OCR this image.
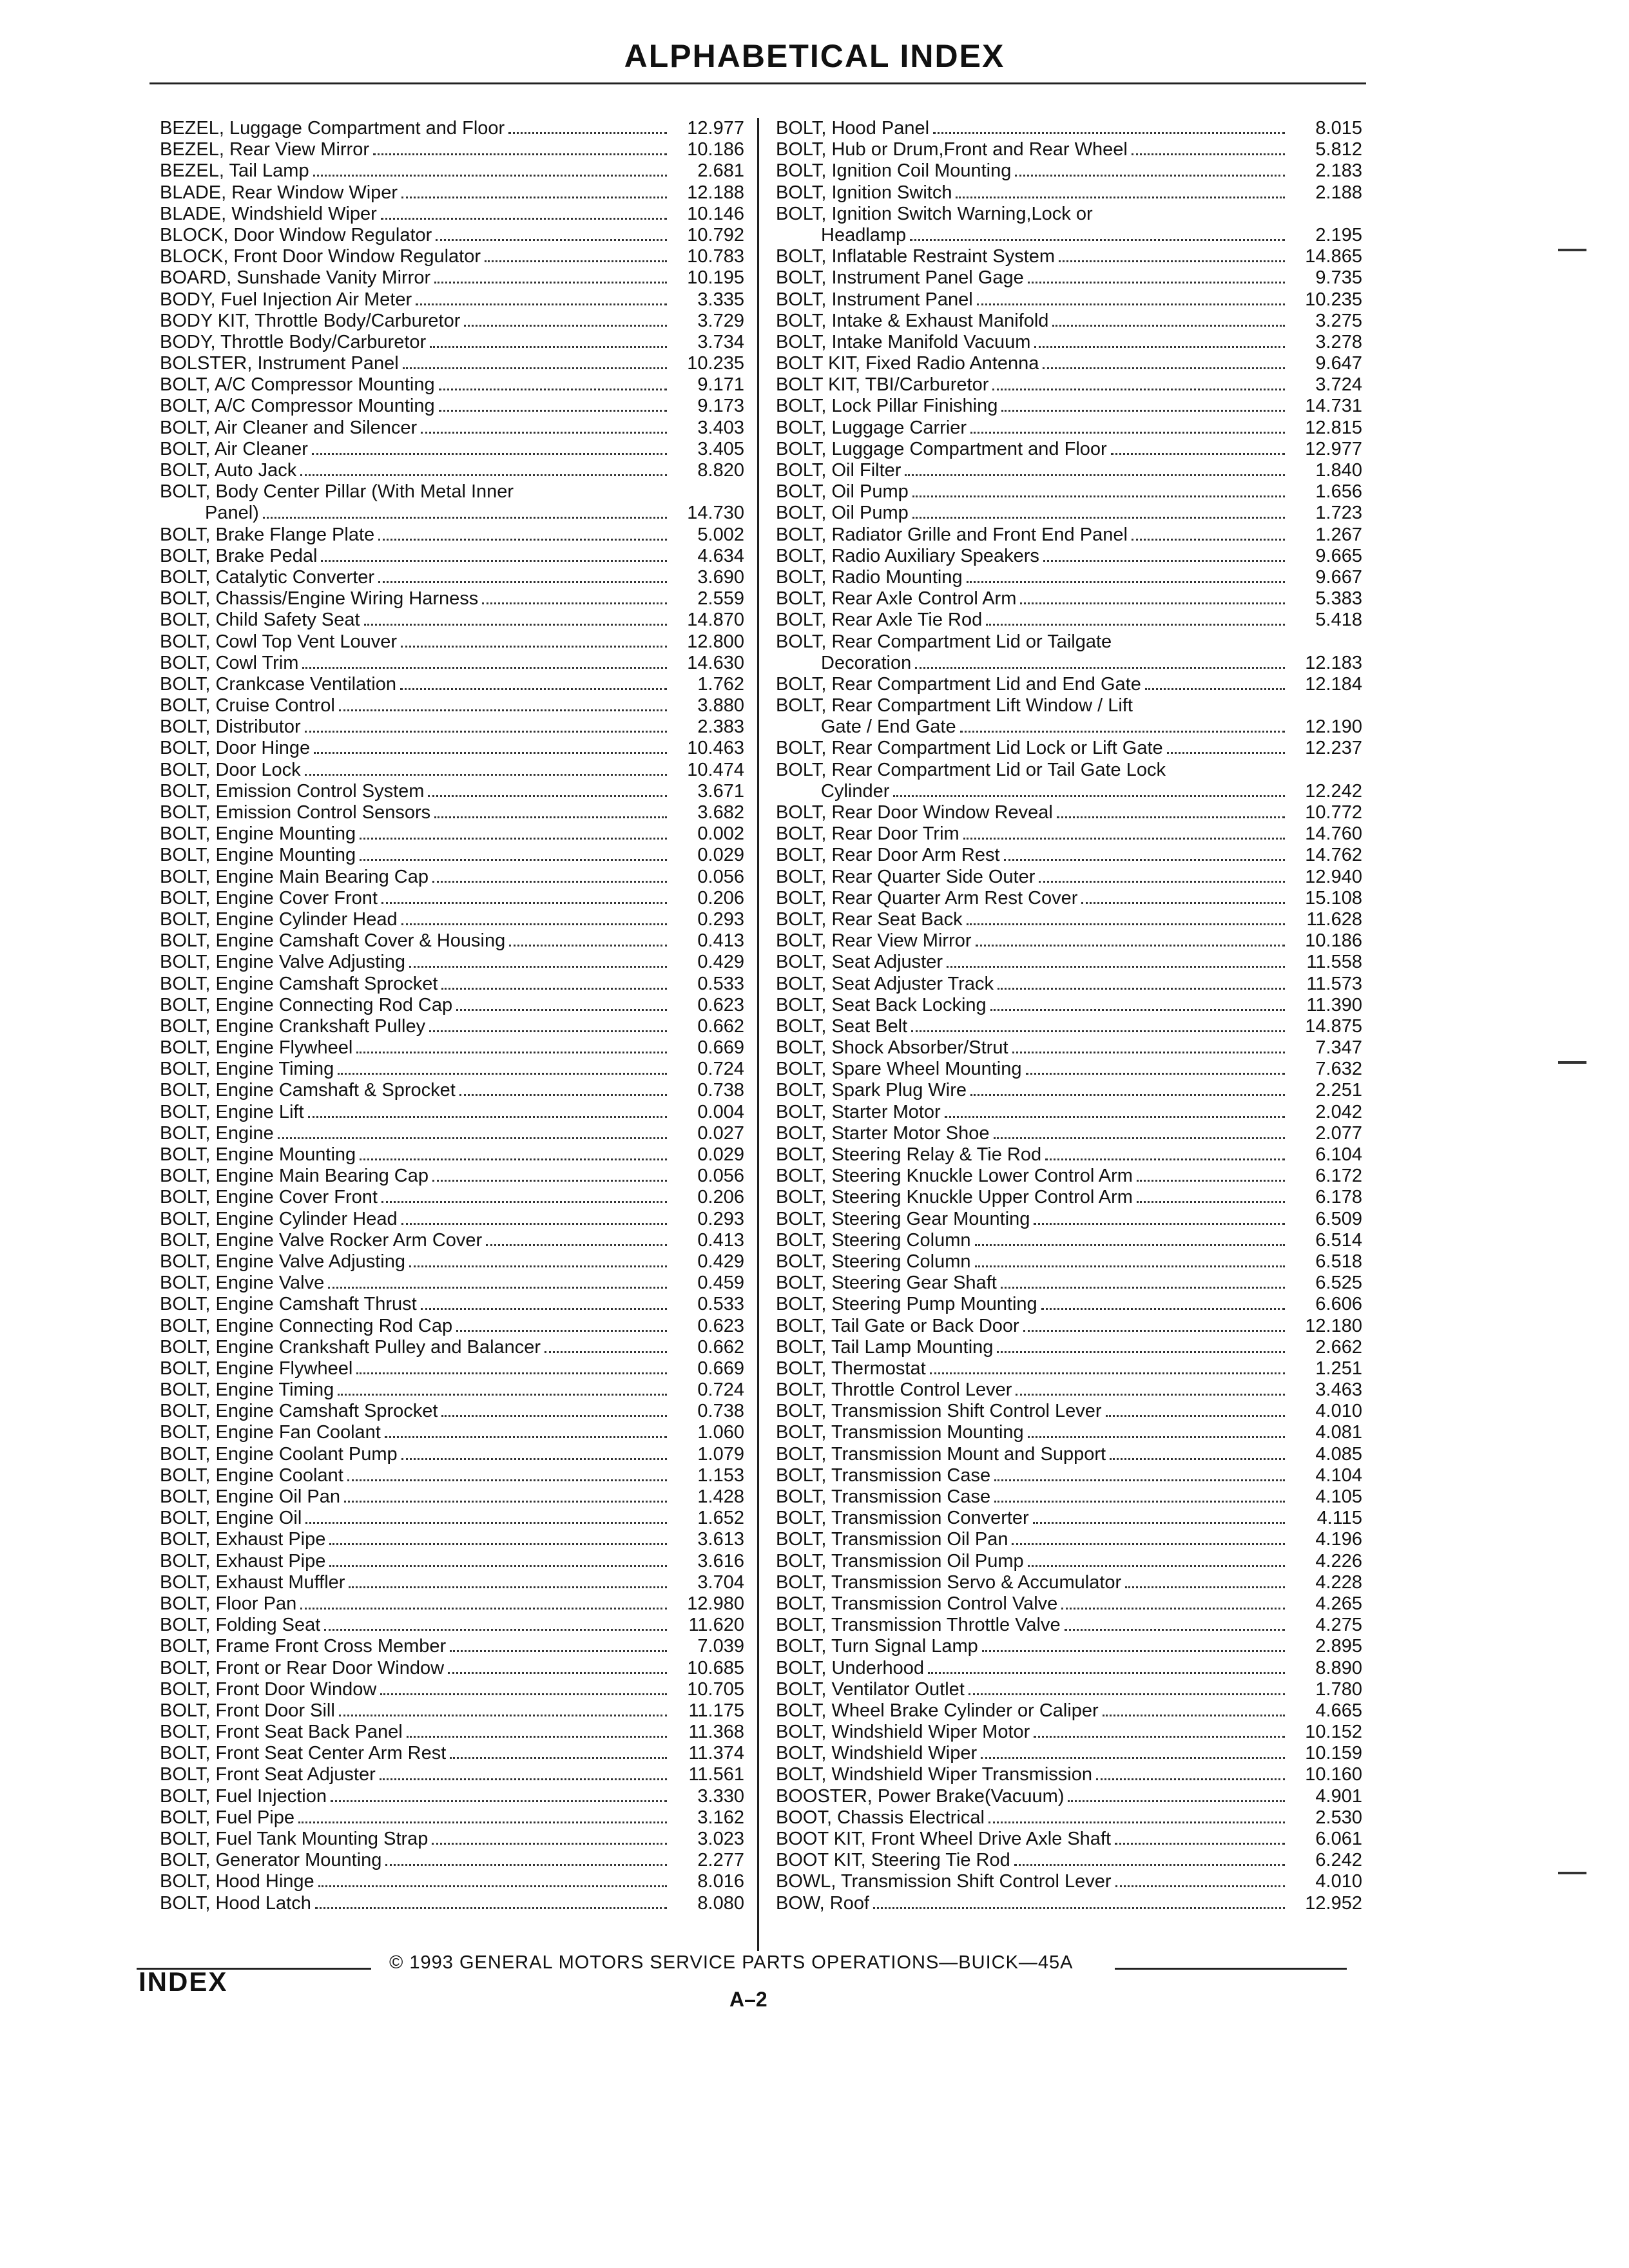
ALPHABETICAL INDEX
BEZEL, Luggage Compartment and Floor	12.977
BEZEL, Rear View Mirror	10.186
BEZEL, Tail Lamp	2.681
BLADE, Rear Window Wiper	12.188
BLADE, Windshield Wiper	10.146
BLOCK, Door Window Regulator	10.792
BLOCK, Front Door Window Regulator	10.783
BOARD, Sunshade Vanity Mirror	10.195
BODY, Fuel Injection Air Meter	3.335
BODY KIT, Throttle Body/Carburetor	3.729
BODY, Throttle Body/Carburetor	3.734
BOLSTER, Instrument Panel	10.235
BOLT, A/C Compressor Mounting	9.171
BOLT, A/C Compressor Mounting	9.173
BOLT, Air Cleaner and Silencer	3.403
BOLT, Air Cleaner	3.405
BOLT, Auto Jack	8.820
BOLT, Body Center Pillar (With Metal Inner
Panel)	14.730
BOLT, Brake Flange Plate	5.002
BOLT, Brake Pedal	4.634
BOLT, Catalytic Converter	3.690
BOLT, Chassis/Engine Wiring Harness	2.559
BOLT, Child Safety Seat	14.870
BOLT, Cowl Top Vent Louver	12.800
BOLT, Cowl Trim	14.630
BOLT, Crankcase Ventilation	1.762
BOLT, Cruise Control	3.880
BOLT, Distributor	2.383
BOLT, Door Hinge	10.463
BOLT, Door Lock	10.474
BOLT, Emission Control System	3.671
BOLT, Emission Control Sensors	3.682
BOLT, Engine Mounting	0.002
BOLT, Engine Mounting	0.029
BOLT, Engine Main Bearing Cap	0.056
BOLT, Engine Cover Front	0.206
BOLT, Engine Cylinder Head	0.293
BOLT, Engine Camshaft Cover & Housing	0.413
BOLT, Engine Valve Adjusting	0.429
BOLT, Engine Camshaft Sprocket	0.533
BOLT, Engine Connecting Rod Cap	0.623
BOLT, Engine Crankshaft Pulley	0.662
BOLT, Engine Flywheel	0.669
BOLT, Engine Timing	0.724
BOLT, Engine Camshaft & Sprocket	0.738
BOLT, Engine Lift	0.004
BOLT, Engine	0.027
BOLT, Engine Mounting	0.029
BOLT, Engine Main Bearing Cap	0.056
BOLT, Engine Cover Front	0.206
BOLT, Engine Cylinder Head	0.293
BOLT, Engine Valve Rocker Arm Cover	0.413
BOLT, Engine Valve Adjusting	0.429
BOLT, Engine Valve	0.459
BOLT, Engine Camshaft Thrust	0.533
BOLT, Engine Connecting Rod Cap	0.623
BOLT, Engine Crankshaft Pulley and Balancer	0.662
BOLT, Engine Flywheel	0.669
BOLT, Engine Timing	0.724
BOLT, Engine Camshaft Sprocket	0.738
BOLT, Engine Fan Coolant	1.060
BOLT, Engine Coolant Pump	1.079
BOLT, Engine Coolant	1.153
BOLT, Engine Oil Pan	1.428
BOLT, Engine Oil	1.652
BOLT, Exhaust Pipe	3.613
BOLT, Exhaust Pipe	3.616
BOLT, Exhaust Muffler	3.704
BOLT, Floor Pan	12.980
BOLT, Folding Seat	11.620
BOLT, Frame Front Cross Member	7.039
BOLT, Front or Rear Door Window	10.685
BOLT, Front Door Window	10.705
BOLT, Front Door Sill	11.175
BOLT, Front Seat Back Panel	11.368
BOLT, Front Seat Center Arm Rest	11.374
BOLT, Front Seat Adjuster	11.561
BOLT, Fuel Injection	3.330
BOLT, Fuel Pipe	3.162
BOLT, Fuel Tank Mounting Strap	3.023
BOLT, Generator Mounting	2.277
BOLT, Hood Hinge	8.016
BOLT, Hood Latch	8.080
BOLT, Hood Panel	8.015
BOLT, Hub or Drum,Front and Rear Wheel	5.812
BOLT, Ignition Coil Mounting	2.183
BOLT, Ignition Switch	2.188
BOLT, Ignition Switch Warning,Lock or
Headlamp	2.195
BOLT, Inflatable Restraint System	14.865
BOLT, Instrument Panel Gage	9.735
BOLT, Instrument Panel	10.235
BOLT, Intake & Exhaust Manifold	3.275
BOLT, Intake Manifold Vacuum	3.278
BOLT KIT, Fixed Radio Antenna	9.647
BOLT KIT, TBI/Carburetor	3.724
BOLT, Lock Pillar Finishing	14.731
BOLT, Luggage Carrier	12.815
BOLT, Luggage Compartment and Floor	12.977
BOLT, Oil Filter	1.840
BOLT, Oil Pump	1.656
BOLT, Oil Pump	1.723
BOLT, Radiator Grille and Front End Panel	1.267
BOLT, Radio Auxiliary Speakers	9.665
BOLT, Radio Mounting	9.667
BOLT, Rear Axle Control Arm	5.383
BOLT, Rear Axle Tie Rod	5.418
BOLT, Rear Compartment Lid or Tailgate
Decoration	12.183
BOLT, Rear Compartment Lid and End Gate	12.184
BOLT, Rear Compartment Lift Window / Lift
Gate / End Gate	12.190
BOLT, Rear Compartment Lid Lock or Lift Gate	12.237
BOLT, Rear Compartment Lid or Tail Gate Lock
Cylinder	12.242
BOLT, Rear Door Window Reveal	10.772
BOLT, Rear Door Trim	14.760
BOLT, Rear Door Arm Rest	14.762
BOLT, Rear Quarter Side Outer	12.940
BOLT, Rear Quarter Arm Rest Cover	15.108
BOLT, Rear Seat Back	11.628
BOLT, Rear View Mirror	10.186
BOLT, Seat Adjuster	11.558
BOLT, Seat Adjuster Track	11.573
BOLT, Seat Back Locking	11.390
BOLT, Seat Belt	14.875
BOLT, Shock Absorber/Strut	7.347
BOLT, Spare Wheel Mounting	7.632
BOLT, Spark Plug Wire	2.251
BOLT, Starter Motor	2.042
BOLT, Starter Motor Shoe	2.077
BOLT, Steering Relay & Tie Rod	6.104
BOLT, Steering Knuckle Lower Control Arm	6.172
BOLT, Steering Knuckle Upper Control Arm	6.178
BOLT, Steering Gear Mounting	6.509
BOLT, Steering Column	6.514
BOLT, Steering Column	6.518
BOLT, Steering Gear Shaft	6.525
BOLT, Steering Pump Mounting	6.606
BOLT, Tail Gate or Back Door	12.180
BOLT, Tail Lamp Mounting	2.662
BOLT, Thermostat	1.251
BOLT, Throttle Control Lever	3.463
BOLT, Transmission Shift Control Lever	4.010
BOLT, Transmission Mounting	4.081
BOLT, Transmission Mount and Support	4.085
BOLT, Transmission Case	4.104
BOLT, Transmission Case	4.105
BOLT, Transmission Converter	4.115
BOLT, Transmission Oil Pan	4.196
BOLT, Transmission Oil Pump	4.226
BOLT, Transmission Servo & Accumulator	4.228
BOLT, Transmission Control Valve	4.265
BOLT, Transmission Throttle Valve	4.275
BOLT, Turn Signal Lamp	2.895
BOLT, Underhood	8.890
BOLT, Ventilator Outlet	1.780
BOLT, Wheel Brake Cylinder or Caliper	4.665
BOLT, Windshield Wiper Motor	10.152
BOLT, Windshield Wiper	10.159
BOLT, Windshield Wiper Transmission	10.160
BOOSTER, Power Brake(Vacuum)	4.901
BOOT, Chassis Electrical	2.530
BOOT KIT, Front Wheel Drive Axle Shaft	6.061
BOOT KIT, Steering Tie Rod	6.242
BOWL, Transmission Shift Control Lever	4.010
BOW, Roof	12.952
© 1993 GENERAL MOTORS SERVICE PARTS OPERATIONS—BUICK—45A
INDEX
A–2
